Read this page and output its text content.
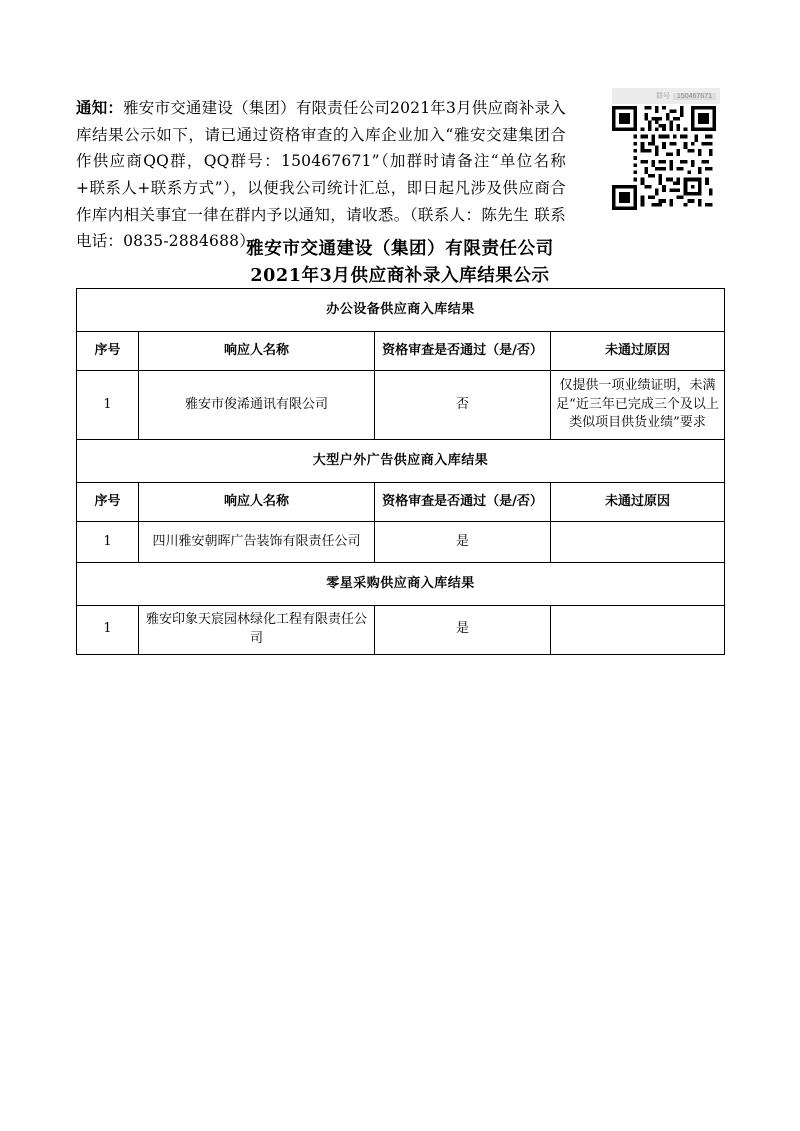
通知：雅安市交通建设（集团）有限责任公司2021年3月供应商补录入库结果公示如下，请已通过资格审查的入库企业加入“雅安交建集团合作供应商QQ群，QQ群号：150467671”（加群时请备注“单位名称+联系人+联系方式”），以便我公司统计汇总，即日起凡涉及供应商合作库内相关事宜一律在群内予以通知，请收悉。（联系人：陈先生 联系电话：0835-2884688）
群号	150467671
雅安市交通建设（集团）有限责任公司
2021年3月供应商补录入库结果公示
办公设备供应商入库结果			
序号	响应人名称	资格审查是否通过（是/否）	未通过原因
1	雅安市俊浠通讯有限公司	否	仅提供一项业绩证明，未满足“近三年已完成三个及以上类似项目供货业绩”要求
大型户外广告供应商入库结果			
序号	响应人名称	资格审查是否通过（是/否）	未通过原因
1	四川雅安朝晖广告装饰有限责任公司	是	
零星采购供应商入库结果			
1	雅安印象天宸园林绿化工程有限责任公司	是	
